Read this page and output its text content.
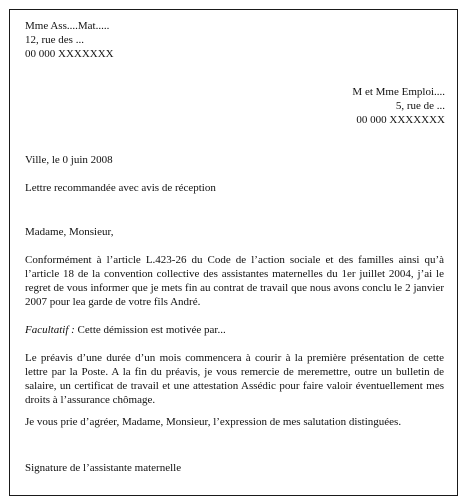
Mme Ass....Mat.....
12, rue des ...
00 000 XXXXXXX
M et Mme Emploi....
5, rue de ...
00 000 XXXXXXX
Ville, le 0 juin 2008
Lettre recommandée avec avis de réception
Madame, Monsieur,
Conformément à l’article L.423-26 du Code de l’action sociale et des familles ainsi qu’à l’article 18 de la convention collective des assistantes maternelles du 1er juillet 2004, j’ai le regret de vous informer que je mets fin au contrat de travail que nous avons conclu le 2 janvier 2007 pour lea garde de votre fils André.
Facultatif : Cette démission est motivée par...
Le préavis d’une durée d’un mois commencera à courir à la première présentation de cette lettre par la Poste. A la fin du préavis, je vous remercie de meremettre, outre un bulletin de salaire, un certificat de travail et une attestation Assédic pour faire valoir éventuellement mes droits à l’assurance chômage.
Je vous prie d’agréer, Madame, Monsieur, l’expression de mes salutation distinguées.
Signature de l’assistante maternelle
